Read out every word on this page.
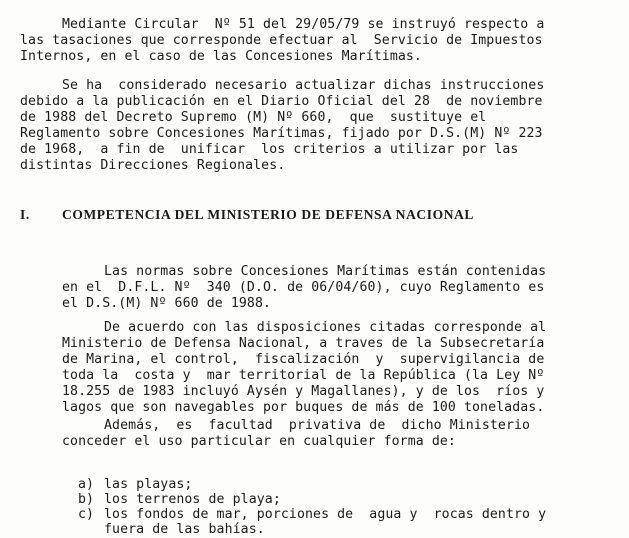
Mediante Circular  Nº 51 del 29/05/79 se instruyó respecto a
las tasaciones que corresponde efectuar al  Servicio de Impuestos
Internos, en el caso de las Concesiones Marítimas.
Se ha  considerado necesario actualizar dichas instrucciones
debido a la publicación en el Diario Oficial del 28  de noviembre
de 1988 del Decreto Supremo (M) Nº 660,  que  sustituye el
Reglamento sobre Concesiones Marítimas, fijado por D.S.(M) Nº 223
de 1968,  a fin de  unificar  los criterios a utilizar por las
distintas Direcciones Regionales.
I. COMPETENCIA DEL MINISTERIO DE DEFENSA NACIONAL
Las normas sobre Concesiones Marítimas están contenidas
en el  D.F.L. Nº  340 (D.O. de 06/04/60), cuyo Reglamento es
el D.S.(M) Nº 660 de 1988.
De acuerdo con las disposiciones citadas corresponde al
Ministerio de Defensa Nacional, a traves de la Subsecretaría
de Marina, el control,  fiscalización  y  supervigilancia de
toda la  costa y  mar territorial de la República (la Ley Nº
18.255 de 1983 incluyó Aysén y Magallanes), y de los  ríos y
lagos que son navegables por buques de más de 100 toneladas.
Además,  es  facultad  privativa de  dicho Ministerio
conceder el uso particular en cualquier forma de:
a) las playas;
b) los terrenos de playa;
c) los fondos de mar, porciones de  agua y  rocas dentro y
fuera de las bahías.
